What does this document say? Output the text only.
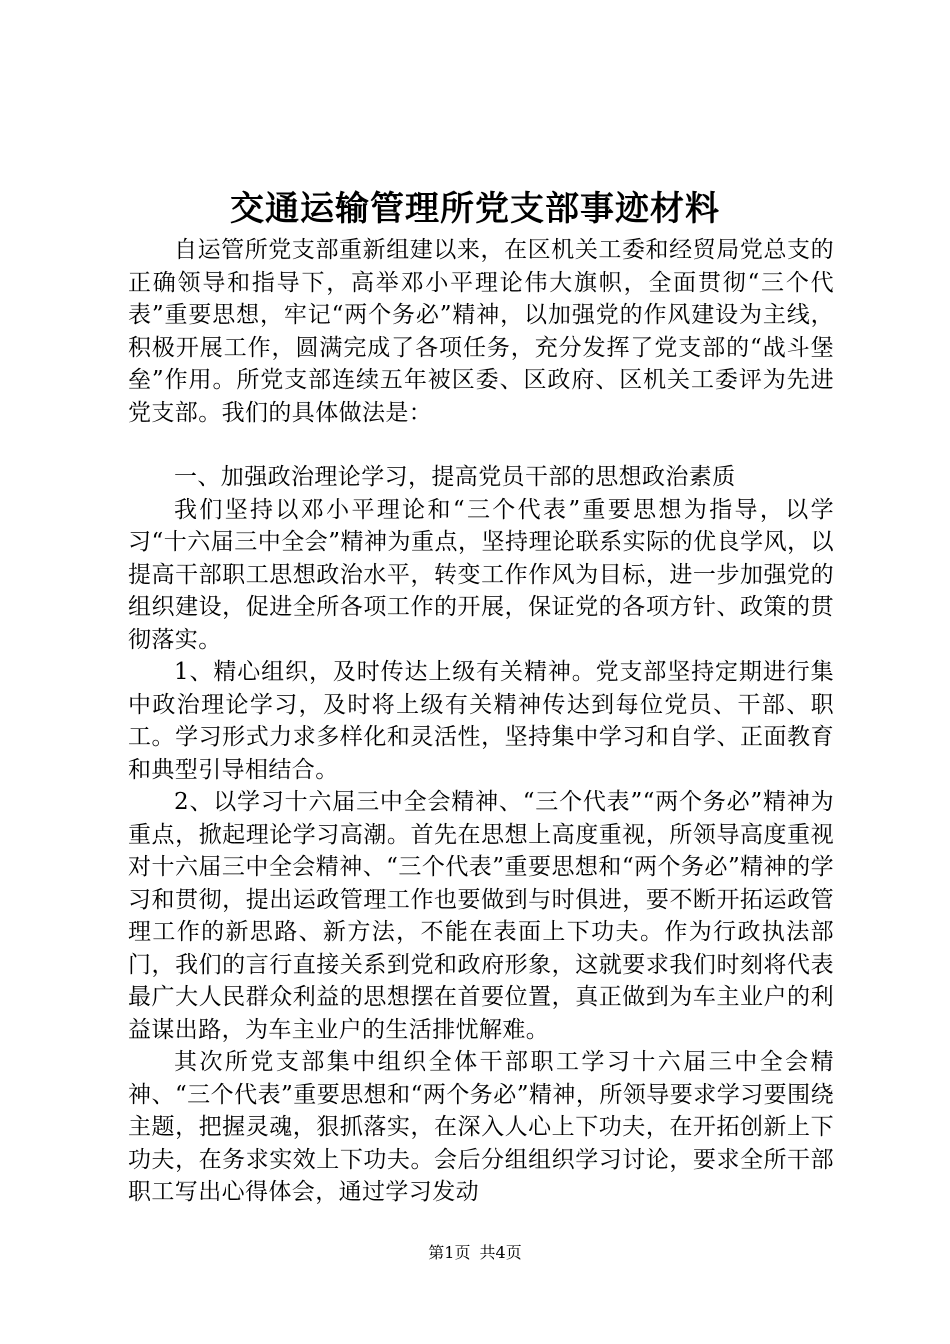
交通运输管理所党支部事迹材料

自运管所党支部重新组建以来，在区机关工委和经贸局党总支的正确领导和指导下，高举邓小平理论伟大旗帜，全面贯彻“三个代表”重要思想，牢记“两个务必”精神，以加强党的作风建设为主线，积极开展工作，圆满完成了各项任务，充分发挥了党支部的“战斗堡垒”作用。所党支部连续五年被区委、区政府、区机关工委评为先进党支部。我们的具体做法是：

一、加强政治理论学习，提高党员干部的思想政治素质

我们坚持以邓小平理论和“三个代表”重要思想为指导，以学习“十六届三中全会”精神为重点，坚持理论联系实际的优良学风，以提高干部职工思想政治水平，转变工作作风为目标，进一步加强党的组织建设，促进全所各项工作的开展，保证党的各项方针、政策的贯彻落实。

1、精心组织，及时传达上级有关精神。党支部坚持定期进行集中政治理论学习，及时将上级有关精神传达到每位党员、干部、职工。学习形式力求多样化和灵活性，坚持集中学习和自学、正面教育和典型引导相结合。

2、以学习十六届三中全会精神、“三个代表”“两个务必”精神为重点，掀起理论学习高潮。首先在思想上高度重视，所领导高度重视对十六届三中全会精神、“三个代表”重要思想和“两个务必”精神的学习和贯彻，提出运政管理工作也要做到与时俱进，要不断开拓运政管理工作的新思路、新方法，不能在表面上下功夫。作为行政执法部门，我们的言行直接关系到党和政府形象，这就要求我们时刻将代表最广大人民群众利益的思想摆在首要位置，真正做到为车主业户的利益谋出路，为车主业户的生活排忧解难。

其次所党支部集中组织全体干部职工学习十六届三中全会精神、“三个代表”重要思想和“两个务必”精神，所领导要求学习要围绕主题，把握灵魂，狠抓落实，在深入人心上下功夫，在开拓创新上下功夫，在务求实效上下功夫。会后分组组织学习讨论，要求全所干部职工写出心得体会，通过学习发动

第1页 共4页
